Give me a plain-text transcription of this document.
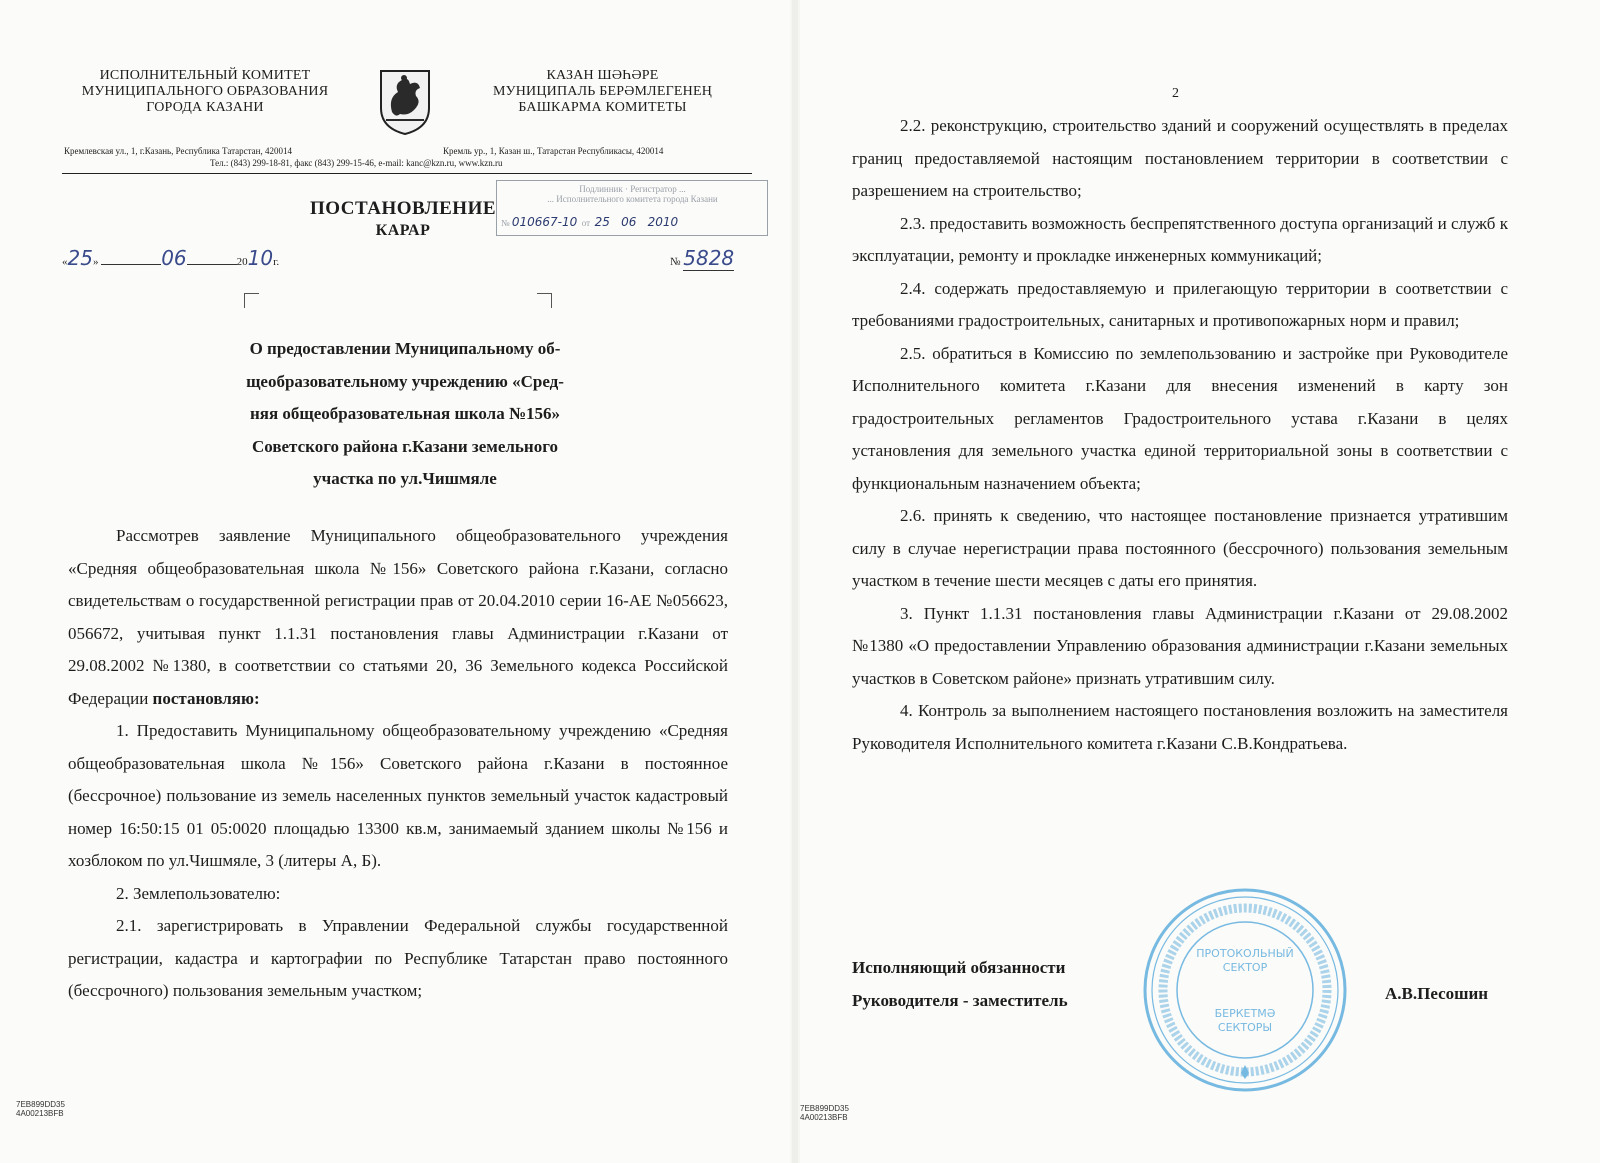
ИСПОЛНИТЕЛЬНЫЙ КОМИТЕТ
МУНИЦИПАЛЬНОГО ОБРАЗОВАНИЯ
ГОРОДА КАЗАНИ
КАЗАН ШӘҺӘРЕ
МУНИЦИПАЛЬ БЕРӘМЛЕГЕНЕҢ
БАШКАРМА КОМИТЕТЫ
Кремлевская ул., 1, г.Казань, Республика Татарстан, 420014	Кремль ур., 1, Казан ш., Татарстан Республикасы, 420014
Тел.: (843) 299-18-81, факс (843) 299-15-46, e-mail: kanc@kzn.ru, www.kzn.ru
ПОСТАНОВЛЕНИЕ
КАРАР
Подлинник · Регистратор ...
... Исполнительного комитета города Казани
№ 010667-10  от  25 06 2010
«25»	06	2010г.	№ 5828
О предоставлении Муниципальному об-
щеобразовательному учреждению «Сред-
няя общеобразовательная школа №156»
Советского района г.Казани земельного
участка по ул.Чишмяле

Рассмотрев заявление Муниципального общеобразовательного учреждения «Средняя общеобразовательная школа №156» Советского района г.Казани, согласно свидетельствам о государственной регистрации прав от 20.04.2010 серии 16-АЕ №056623, 056672, учитывая пункт 1.1.31 постановления главы Администрации г.Казани от 29.08.2002 №1380, в соответствии со статьями 20, 36 Земельного кодекса Российской Федерации постановляю:

1. Предоставить Муниципальному общеобразовательному учреждению «Средняя общеобразовательная школа №156» Советского района г.Казани в постоянное (бессрочное) пользование из земель населенных пунктов земельный участок кадастровый номер 16:50:15 01 05:0020 площадью 13300 кв.м, занимаемый зданием школы №156 и хозблоком по ул.Чишмяле, 3 (литеры А, Б).

2. Землепользователю:

2.1. зарегистрировать в Управлении Федеральной службы государственной регистрации, кадастра и картографии по Республике Татарстан право постоянного (бессрочного) пользования земельным участком;

2

2.2. реконструкцию, строительство зданий и сооружений осуществлять в пределах границ предоставляемой настоящим постановлением территории в соответствии с разрешением на строительство;

2.3. предоставить возможность беспрепятственного доступа организаций и служб к эксплуатации, ремонту и прокладке инженерных коммуникаций;

2.4. содержать предоставляемую и прилегающую территории в соответствии с требованиями градостроительных, санитарных и противопожарных норм и правил;

2.5. обратиться в Комиссию по землепользованию и застройке при Руководителе Исполнительного комитета г.Казани для внесения изменений в карту зон градостроительных регламентов Градостроительного устава г.Казани в целях установления для земельного участка единой территориальной зоны в соответствии с функциональным назначением объекта;

2.6. принять к сведению, что настоящее постановление признается утратившим силу в случае нерегистрации права постоянного (бессрочного) пользования земельным участком в течение шести месяцев с даты его принятия.

3. Пункт 1.1.31 постановления главы Администрации г.Казани от 29.08.2002 №1380 «О предоставлении Управлению образования администрации г.Казани земельных участков в Советском районе» признать утратившим силу.

4. Контроль за выполнением настоящего постановления возложить на заместителя Руководителя Исполнительного комитета г.Казани С.В.Кондратьева.

Исполняющий обязанности
Руководителя - заместитель
ПРОТОКОЛЬНЫЙ
СЕКТОР
БЕРКЕТМӘ
СЕКТОРЫ
А.В.Песошин
7EB899DD35
4A00213BFB
7EB899DD35
4A00213BFB
